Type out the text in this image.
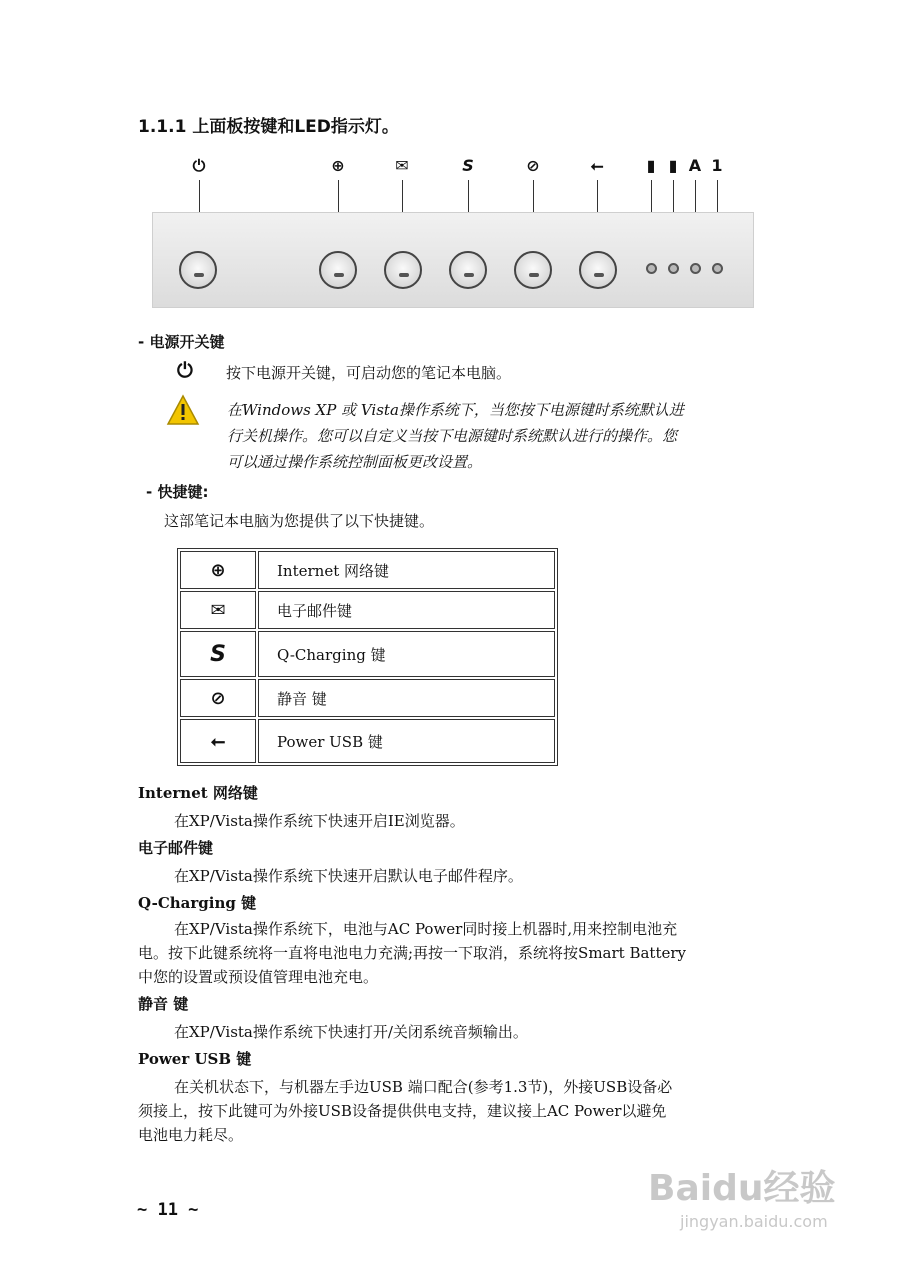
1.1.1 上面板按键和LED指示灯。
⏻	⊕	✉	S	⊘	⭠	▮ ▮ A 1
- 电源开关键
⏻ 按下电源开关键，可启动您的笔记本电脑。
在Windows XP 或 Vista操作系统下，当您按下电源键时系统默认进
行关机操作。您可以自定义当按下电源键时系统默认进行的操作。您
可以通过操作系统控制面板更改设置。
- 快捷键:
这部笔记本电脑为您提供了以下快捷键。
⊕	Internet 网络键
✉	电子邮件键
S	Q-Charging 键
⊘	静音 键
⭠	Power USB 键
Internet 网络键
在XP/Vista操作系统下快速开启IE浏览器。
电子邮件键
在XP/Vista操作系统下快速开启默认电子邮件程序。
Q-Charging 键
在XP/Vista操作系统下，电池与AC Power同时接上机器时,用来控制电池充
电。按下此键系统将一直将电池电力充满;再按一下取消，系统将按Smart Battery
中您的设置或预设值管理电池充电。
静音 键
在XP/Vista操作系统下快速打开/关闭系统音频输出。
Power USB 键
在关机状态下，与机器左手边USB 端口配合(参考1.3节)，外接USB设备必
须接上，按下此键可为外接USB设备提供供电支持，建议接上AC Power以避免
电池电力耗尽。
~ 11 ~
Baidu经验
jingyan.baidu.com
